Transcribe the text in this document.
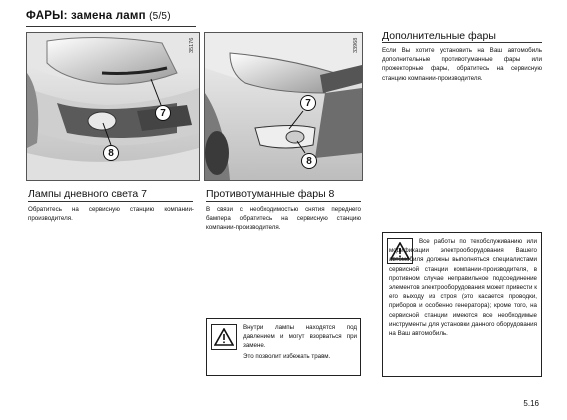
ФАРЫ: замена ламп (5/5)
35176
7
8
33968
7
8
Дополнительные фары
Если Вы хотите установить на Ваш автомобиль дополнительные противотуманные фары или прожекторные фары, обратитесь на сервисную станцию компании-производителя.
Лампы дневного света 7
Обратитесь на сервисную станцию компании-производителя.
Противотуманные фары 8
В связи с необходимостью снятия переднего бампера обратитесь на сервисную станцию компании-производителя.
Внутри лампы находятся под давлением и могут взорваться при замене.
Это позволит избежать травм.
Все работы по техобслуживанию или модификации электрооборудования Вашего автомобиля должны выполняться специалистами сервисной станции компании-производителя, в противном случае неправильное подсоединение элементов электрооборудования может привести к его выходу из строя (это касается проводки, приборов и особенно генератора); кроме того, на сервисной станции имеются все необходимые инструменты для установки данного оборудования на Ваш автомобиль.
5.16
